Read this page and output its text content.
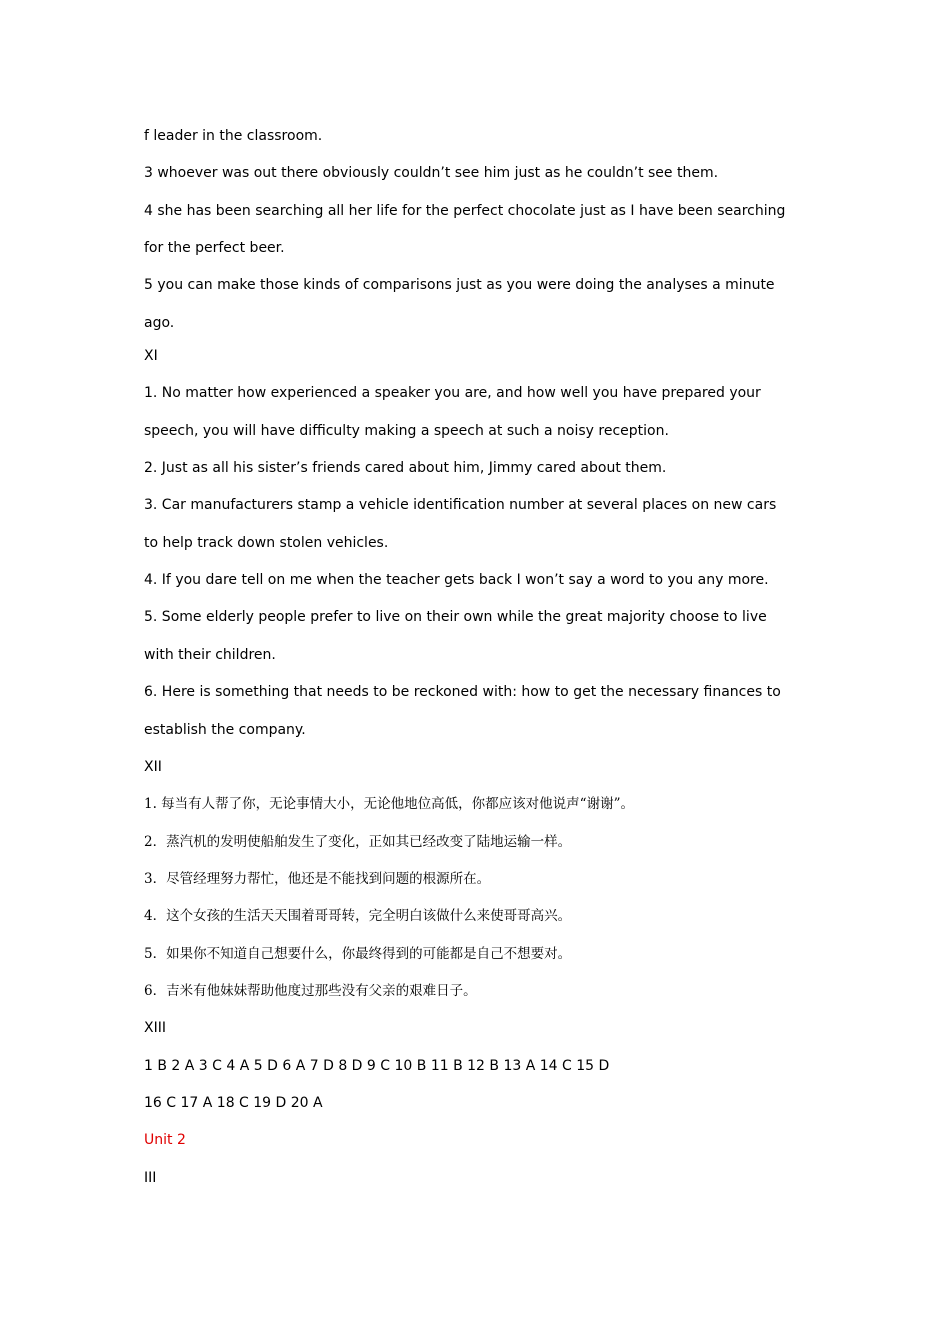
f leader in the classroom.

3 whoever was out there obviously couldn’t see him just as he couldn’t see them.

4 she has been searching all her life for the perfect chocolate just as I have been searching

for the perfect beer.

5 you can make those kinds of comparisons just as you were doing the analyses a minute

ago.

XI

1. No matter how experienced a speaker you are, and how well you have prepared your

speech, you will have difficulty making a speech at such a noisy reception.

2. Just as all his sister’s friends cared about him, Jimmy cared about them.

3. Car manufacturers stamp a vehicle identification number at several places on new cars

to help track down stolen vehicles.

4. If you dare tell on me when the teacher gets back I won’t say a word to you any more.

5. Some elderly people prefer to live on their own while the great majority choose to live

with their children.

6. Here is something that needs to be reckoned with: how to get the necessary finances to

establish the company.

XII

1. 每当有人帮了你，无论事情大小，无论他地位高低，你都应该对他说声“谢谢”。

2．蒸汽机的发明使船舶发生了变化，正如其已经改变了陆地运输一样。

3．尽管经理努力帮忙，他还是不能找到问题的根源所在。

4．这个女孩的生活天天围着哥哥转，完全明白该做什么来使哥哥高兴。

5．如果你不知道自己想要什么，你最终得到的可能都是自己不想要对。

6．吉米有他妹妹帮助他度过那些没有父亲的艰难日子。

XIII

1 B 2 A 3 C 4 A 5 D 6 A 7 D 8 D 9 C 10 B 11 B 12 B 13 A 14 C 15 D

16 C 17 A 18 C 19 D 20 A

Unit 2

III
